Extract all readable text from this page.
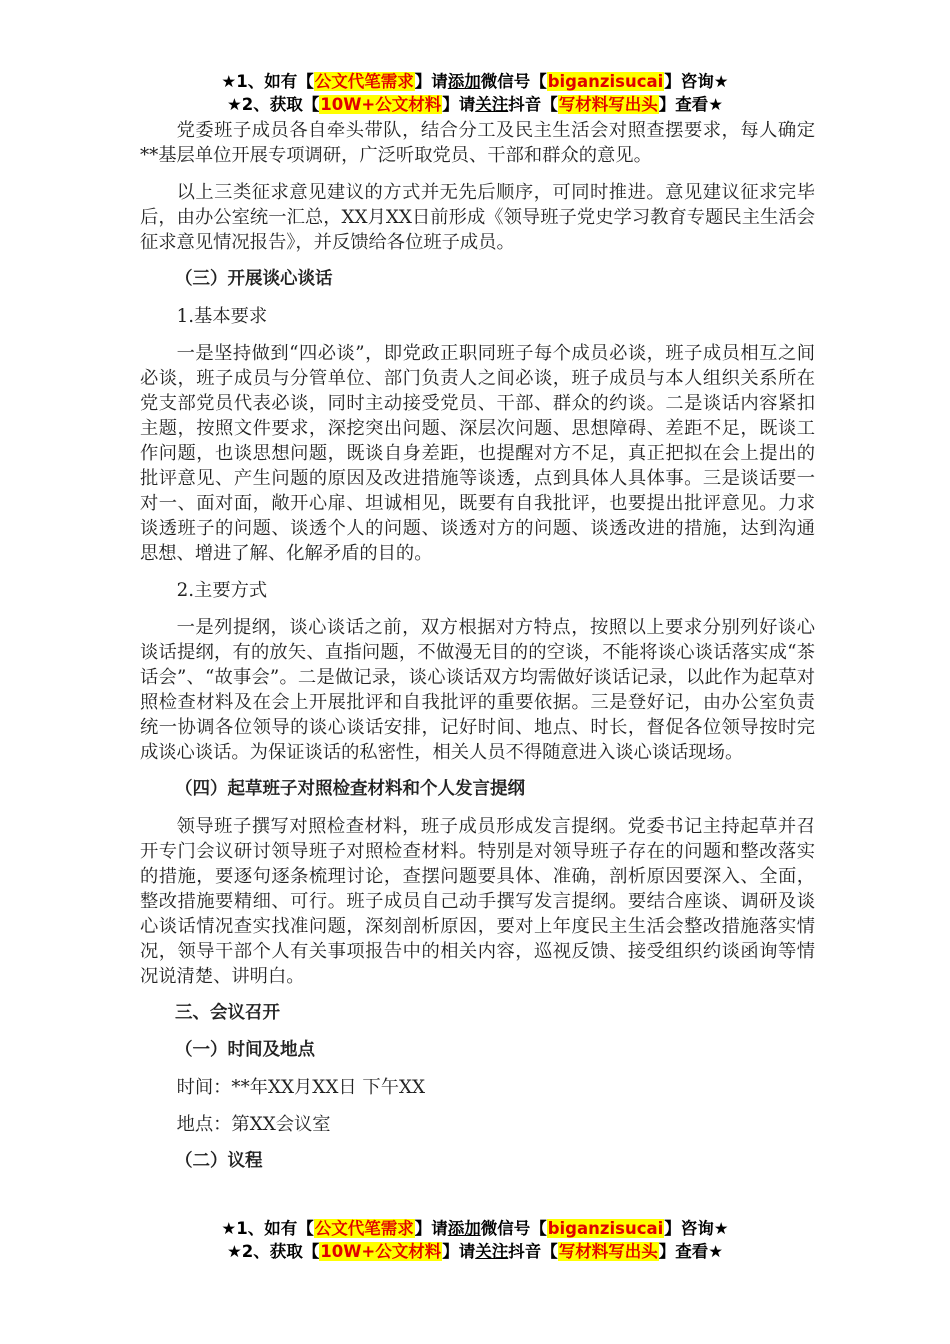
★1、如有【公文代笔需求】请添加微信号【biganzisucai】咨询★
★2、获取【10W+公文材料】请关注抖音【写材料写出头】查看★

党委班子成员各自牵头带队，结合分工及民主生活会对照查摆要求，每人确定**基层单位开展专项调研，广泛听取党员、干部和群众的意见。

以上三类征求意见建议的方式并无先后顺序，可同时推进。意见建议征求完毕后，由办公室统一汇总，XX月XX日前形成《领导班子党史学习教育专题民主生活会征求意见情况报告》，并反馈给各位班子成员。

（三）开展谈心谈话

1.基本要求

一是坚持做到“四必谈”，即党政正职同班子每个成员必谈，班子成员相互之间必谈，班子成员与分管单位、部门负责人之间必谈，班子成员与本人组织关系所在党支部党员代表必谈，同时主动接受党员、干部、群众的约谈。二是谈话内容紧扣主题，按照文件要求，深挖突出问题、深层次问题、思想障碍、差距不足，既谈工作问题，也谈思想问题，既谈自身差距，也提醒对方不足，真正把拟在会上提出的批评意见、产生问题的原因及改进措施等谈透，点到具体人具体事。三是谈话要一对一、面对面，敞开心扉、坦诚相见，既要有自我批评，也要提出批评意见。力求谈透班子的问题、谈透个人的问题、谈透对方的问题、谈透改进的措施，达到沟通思想、增进了解、化解矛盾的目的。

2.主要方式

一是列提纲，谈心谈话之前，双方根据对方特点，按照以上要求分别列好谈心谈话提纲，有的放矢、直指问题，不做漫无目的的空谈，不能将谈心谈话落实成“茶话会”、“故事会”。二是做记录，谈心谈话双方均需做好谈话记录，以此作为起草对照检查材料及在会上开展批评和自我批评的重要依据。三是登好记，由办公室负责统一协调各位领导的谈心谈话安排，记好时间、地点、时长，督促各位领导按时完成谈心谈话。为保证谈话的私密性，相关人员不得随意进入谈心谈话现场。

（四）起草班子对照检查材料和个人发言提纲

领导班子撰写对照检查材料，班子成员形成发言提纲。党委书记主持起草并召开专门会议研讨领导班子对照检查材料。特别是对领导班子存在的问题和整改落实的措施，要逐句逐条梳理讨论，查摆问题要具体、准确，剖析原因要深入、全面，整改措施要精细、可行。班子成员自己动手撰写发言提纲。要结合座谈、调研及谈心谈话情况查实找准问题，深刻剖析原因，要对上年度民主生活会整改措施落实情况，领导干部个人有关事项报告中的相关内容，巡视反馈、接受组织约谈函询等情况说清楚、讲明白。

三、会议召开

（一）时间及地点

时间：**年XX月XX日 下午XX

地点：第XX会议室

（二）议程

★1、如有【公文代笔需求】请添加微信号【biganzisucai】咨询★
★2、获取【10W+公文材料】请关注抖音【写材料写出头】查看★
